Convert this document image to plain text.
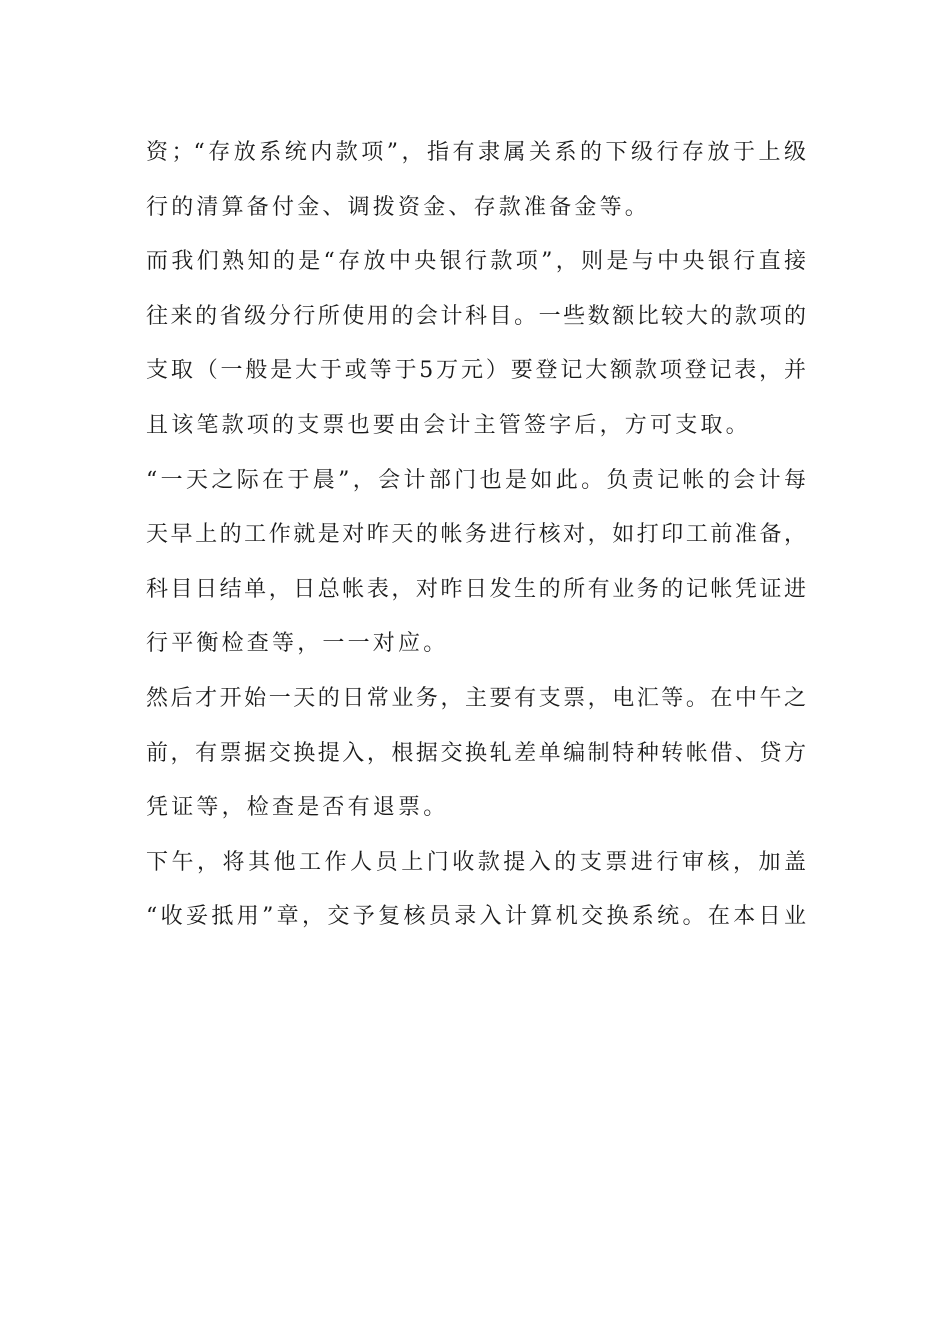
资；“存放系统内款项”，指有隶属关系的下级行存放于上级
行的清算备付金、调拨资金、存款准备金等。
而我们熟知的是“存放中央银行款项”，则是与中央银行直接
往来的省级分行所使用的会计科目。一些数额比较大的款项的
支取（一般是大于或等于5万元）要登记大额款项登记表，并
且该笔款项的支票也要由会计主管签字后，方可支取。
“一天之际在于晨”，会计部门也是如此。负责记帐的会计每
天早上的工作就是对昨天的帐务进行核对，如打印工前准备，
科目日结单，日总帐表，对昨日发生的所有业务的记帐凭证进
行平衡检查等，一一对应。
然后才开始一天的日常业务，主要有支票，电汇等。在中午之
前，有票据交换提入，根据交换轧差单编制特种转帐借、贷方
凭证等，检查是否有退票。
下午，将其他工作人员上门收款提入的支票进行审核，加盖
“收妥抵用”章，交予复核员录入计算机交换系统。在本日业
